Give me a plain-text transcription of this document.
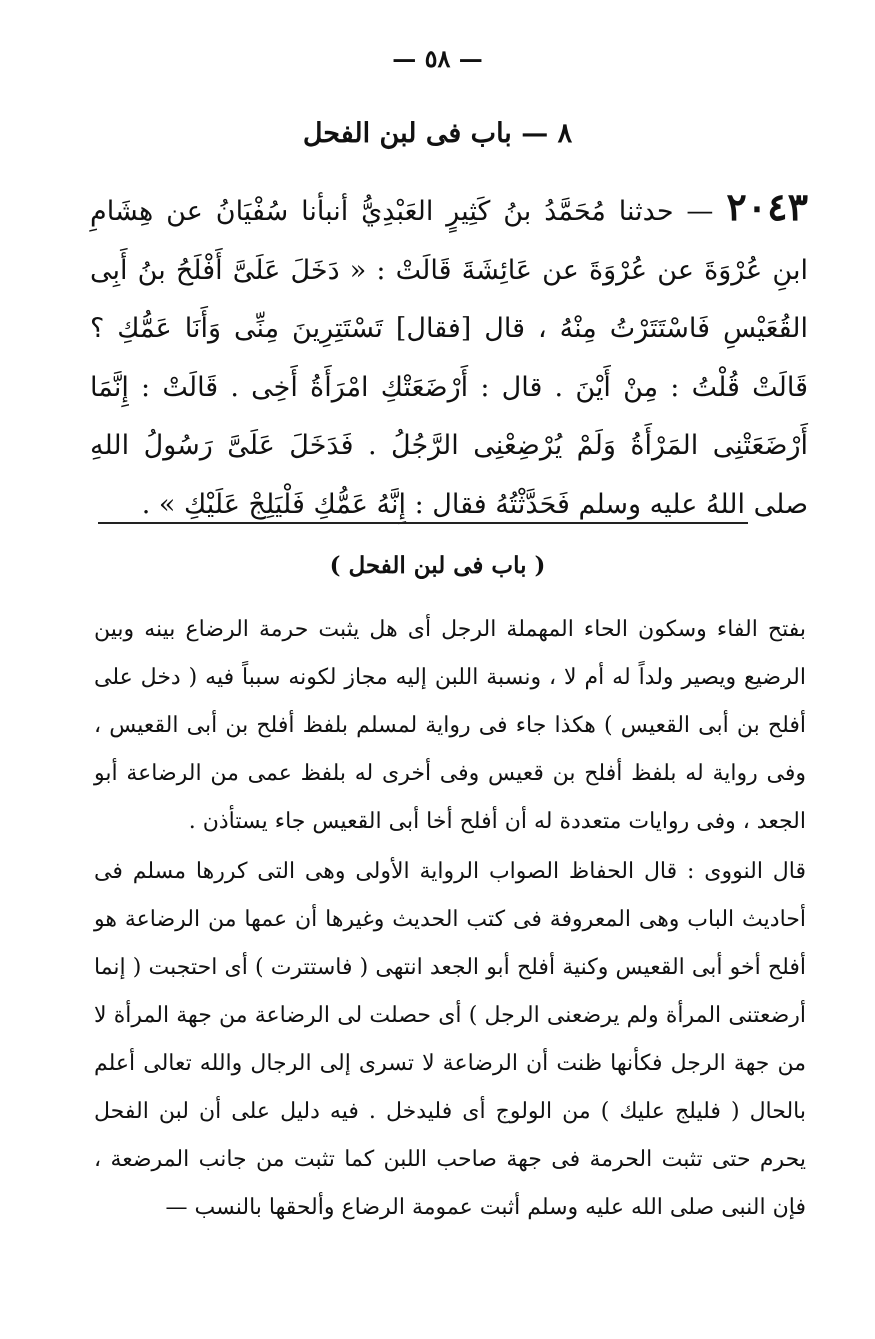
— ٥٨ —
٨ — باب فى لبن الفحل
٢٠٤٣ — حدثنا مُحَمَّدُ بنُ كَثِيرٍ العَبْدِيُّ أنبأنا سُفْيَانُ عن هِشَامِ ابنِ عُرْوَةَ عن عُرْوَةَ عن عَائِشَةَ قَالَتْ : « دَخَلَ عَلَىَّ أَفْلَحُ بنُ أَبِى القُعَيْسِ فَاسْتَتَرْتُ مِنْهُ ، قال [فقال] تَسْتَتِرِينَ مِنِّى وَأَنَا عَمُّكِ ؟ قَالَتْ قُلْتُ : مِنْ أَيْنَ . قال : أَرْضَعَتْكِ امْرَأَةُ أَخِى . قَالَتْ : إِنَّمَا أَرْضَعَتْنِى المَرْأَةُ وَلَمْ يُرْضِعْنِى الرَّجُلُ . فَدَخَلَ عَلَىَّ رَسُولُ اللهِ صلى اللهُ عليه وسلم فَحَدَّثْتُهُ فقال : إِنَّهُ عَمُّكِ فَلْيَلِجْ عَلَيْكِ » .
( باب فى لبن الفحل )

بفتح الفاء وسكون الحاء المهملة الرجل أى هل يثبت حرمة الرضاع بينه وبين الرضيع ويصير ولداً له أم لا ، ونسبة اللبن إليه مجاز لكونه سبباً فيه ( دخل على أفلح بن أبى القعيس ) هكذا جاء فى رواية لمسلم بلفظ أفلح بن أبى القعيس ، وفى رواية له بلفظ أفلح بن قعيس وفى أخرى له بلفظ عمى من الرضاعة أبو الجعد ، وفى روايات متعددة له أن أفلح أخا أبى القعيس جاء يستأذن .

قال النووى : قال الحفاظ الصواب الرواية الأولى وهى التى كررها مسلم فى أحاديث الباب وهى المعروفة فى كتب الحديث وغيرها أن عمها من الرضاعة هو أفلح أخو أبى القعيس وكنية أفلح أبو الجعد انتهى ( فاستترت ) أى احتجبت ( إنما أرضعتنى المرأة ولم يرضعنى الرجل ) أى حصلت لى الرضاعة من جهة المرأة لا من جهة الرجل فكأنها ظنت أن الرضاعة لا تسرى إلى الرجال والله تعالى أعلم بالحال ( فليلج عليك ) من الولوج أى فليدخل . فيه دليل على أن لبن الفحل يحرم حتى تثبت الحرمة فى جهة صاحب اللبن كما تثبت من جانب المرضعة ، فإن النبى صلى الله عليه وسلم أثبت عمومة الرضاع وألحقها بالنسب —
